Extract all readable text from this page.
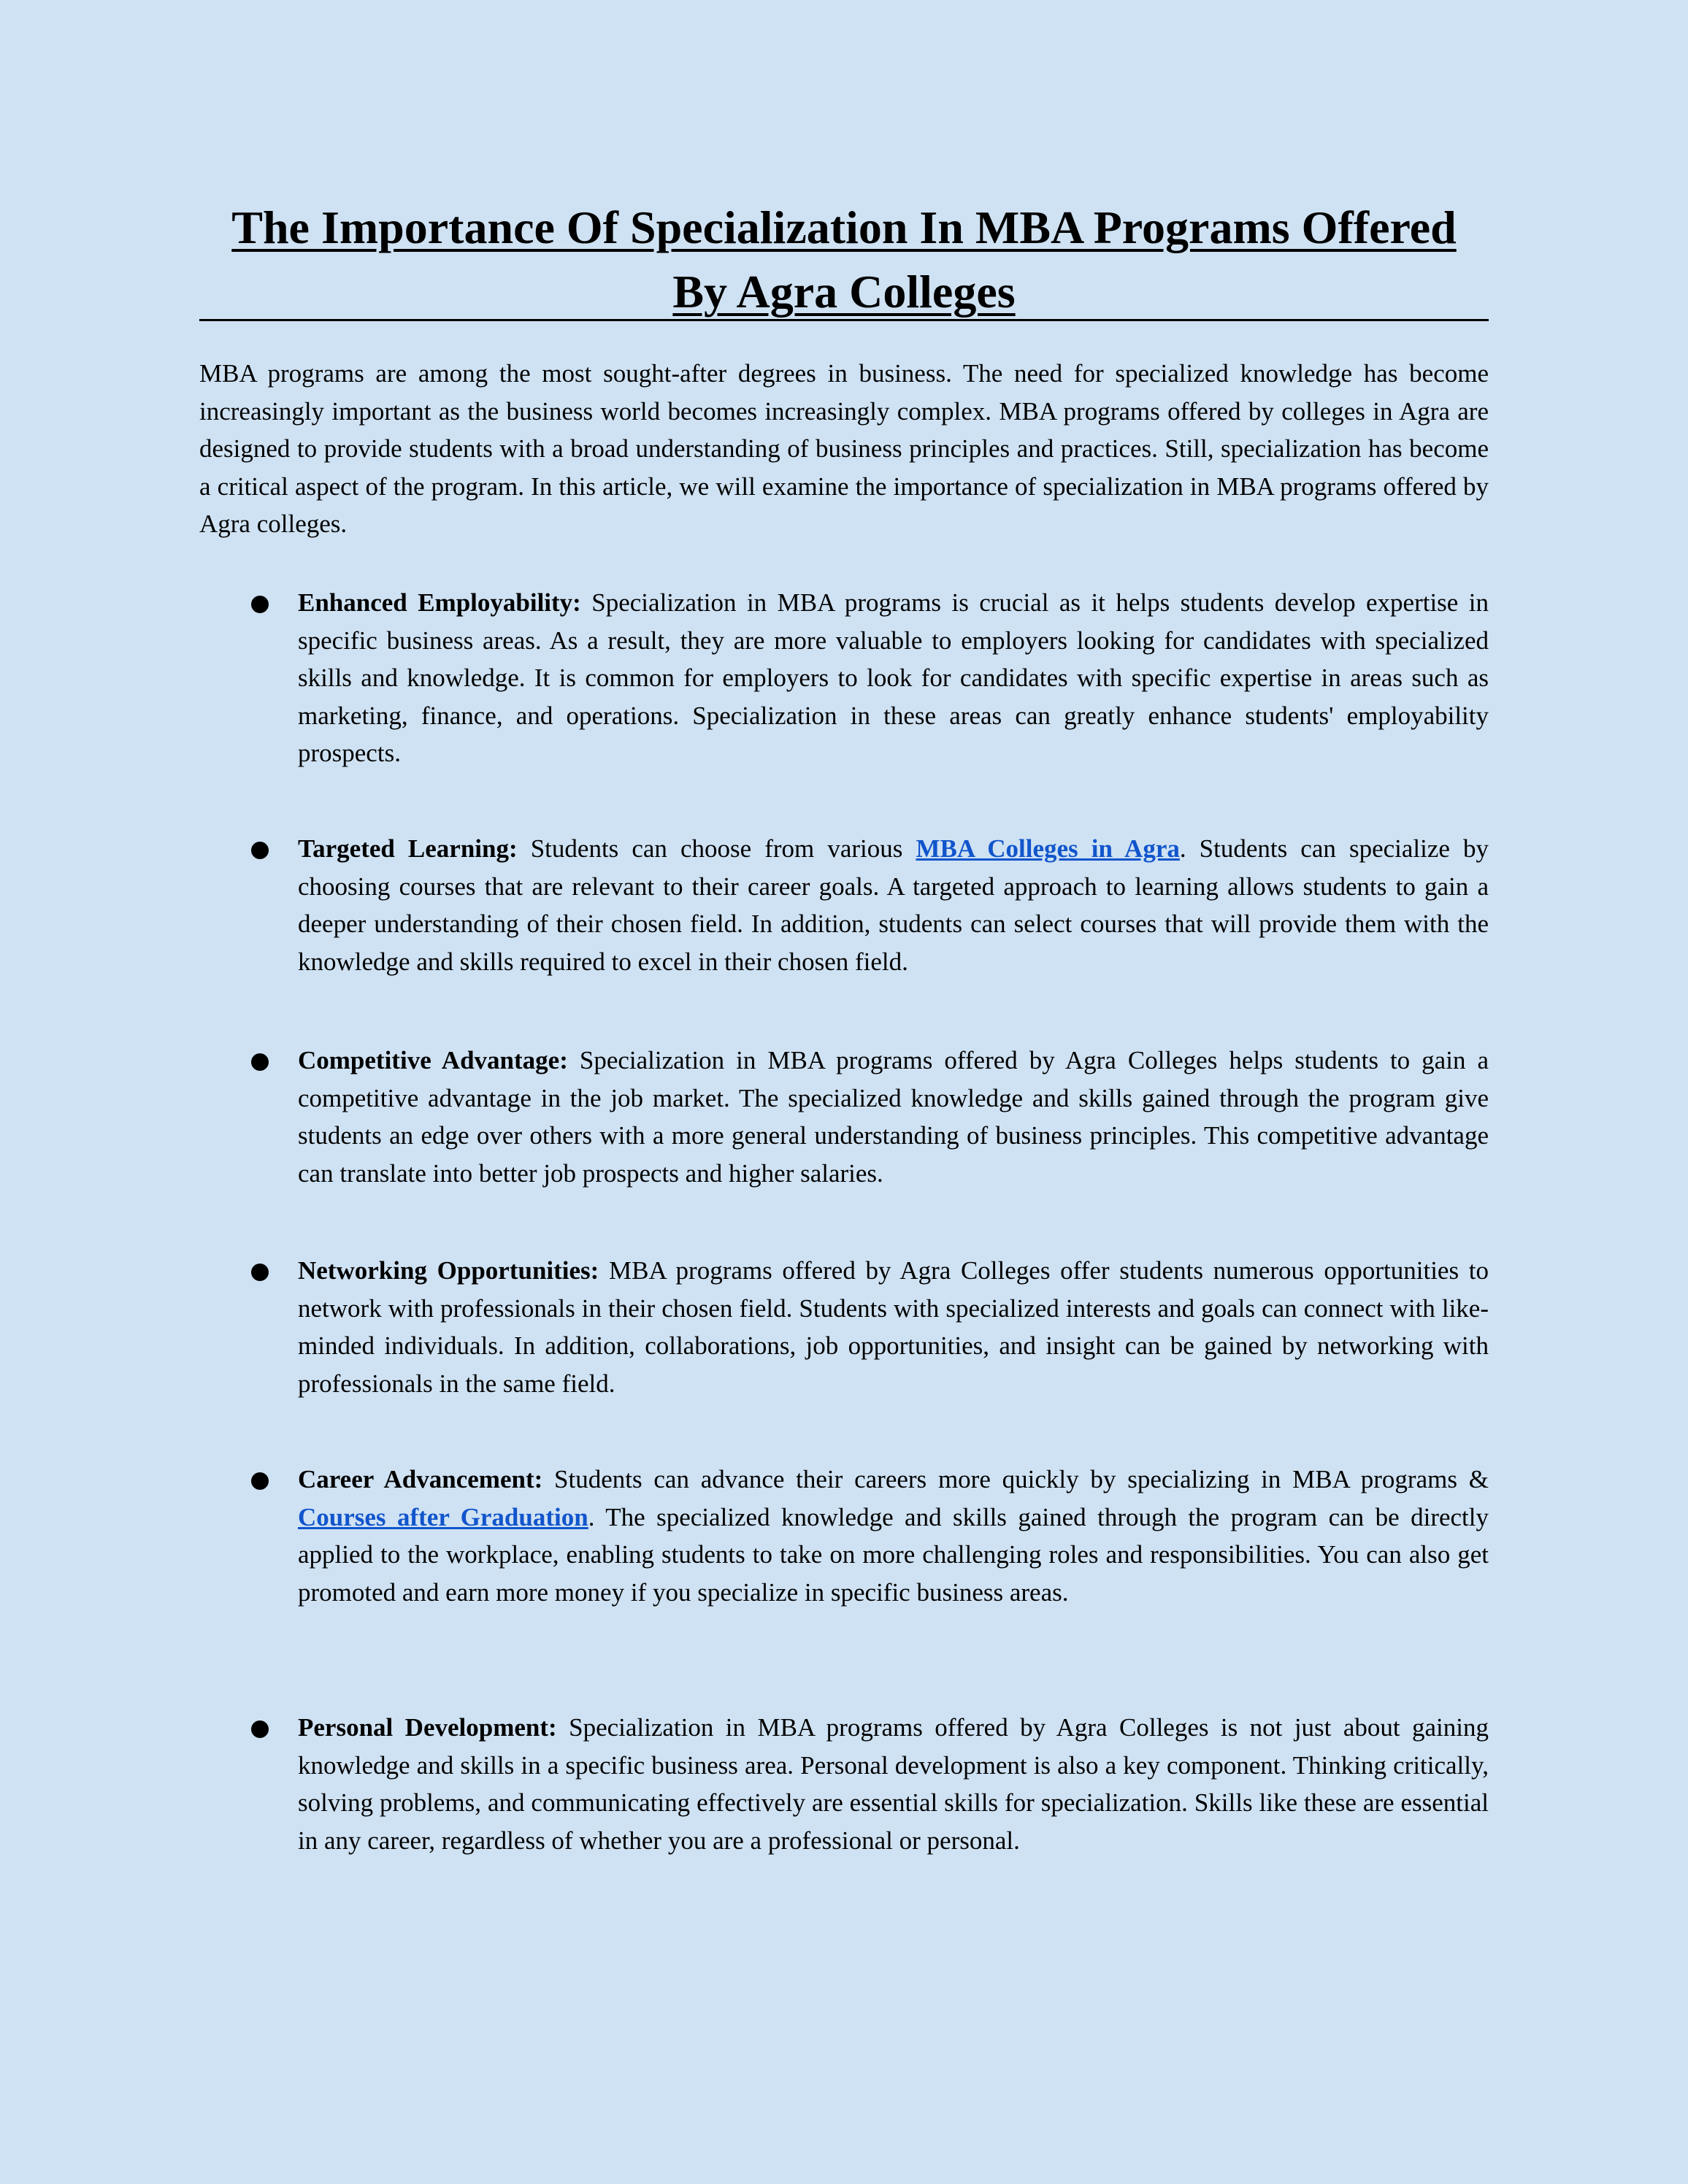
The Importance Of Specialization In MBA Programs Offered By Agra Colleges

MBA programs are among the most sought-after degrees in business. The need for specialized knowledge has become increasingly important as the business world becomes increasingly complex. MBA programs offered by colleges in Agra are designed to provide students with a broad understanding of business principles and practices. Still, specialization has become a critical aspect of the program. In this article, we will examine the importance of specialization in MBA programs offered by Agra colleges.

Enhanced Employability: Specialization in MBA programs is crucial as it helps students develop expertise in specific business areas. As a result, they are more valuable to employers looking for candidates with specialized skills and knowledge. It is common for employers to look for candidates with specific expertise in areas such as marketing, finance, and operations. Specialization in these areas can greatly enhance students' employability prospects.

Targeted Learning: Students can choose from various MBA Colleges in Agra. Students can specialize by choosing courses that are relevant to their career goals. A targeted approach to learning allows students to gain a deeper understanding of their chosen field. In addition, students can select courses that will provide them with the knowledge and skills required to excel in their chosen field.

Competitive Advantage: Specialization in MBA programs offered by Agra Colleges helps students to gain a competitive advantage in the job market. The specialized knowledge and skills gained through the program give students an edge over others with a more general understanding of business principles. This competitive advantage can translate into better job prospects and higher salaries.

Networking Opportunities: MBA programs offered by Agra Colleges offer students numerous opportunities to network with professionals in their chosen field. Students with specialized interests and goals can connect with like-minded individuals. In addition, collaborations, job opportunities, and insight can be gained by networking with professionals in the same field.

Career Advancement: Students can advance their careers more quickly by specializing in MBA programs & Courses after Graduation. The specialized knowledge and skills gained through the program can be directly applied to the workplace, enabling students to take on more challenging roles and responsibilities. You can also get promoted and earn more money if you specialize in specific business areas.

Personal Development: Specialization in MBA programs offered by Agra Colleges is not just about gaining knowledge and skills in a specific business area. Personal development is also a key component. Thinking critically, solving problems, and communicating effectively are essential skills for specialization. Skills like these are essential in any career, regardless of whether you are a professional or personal.
